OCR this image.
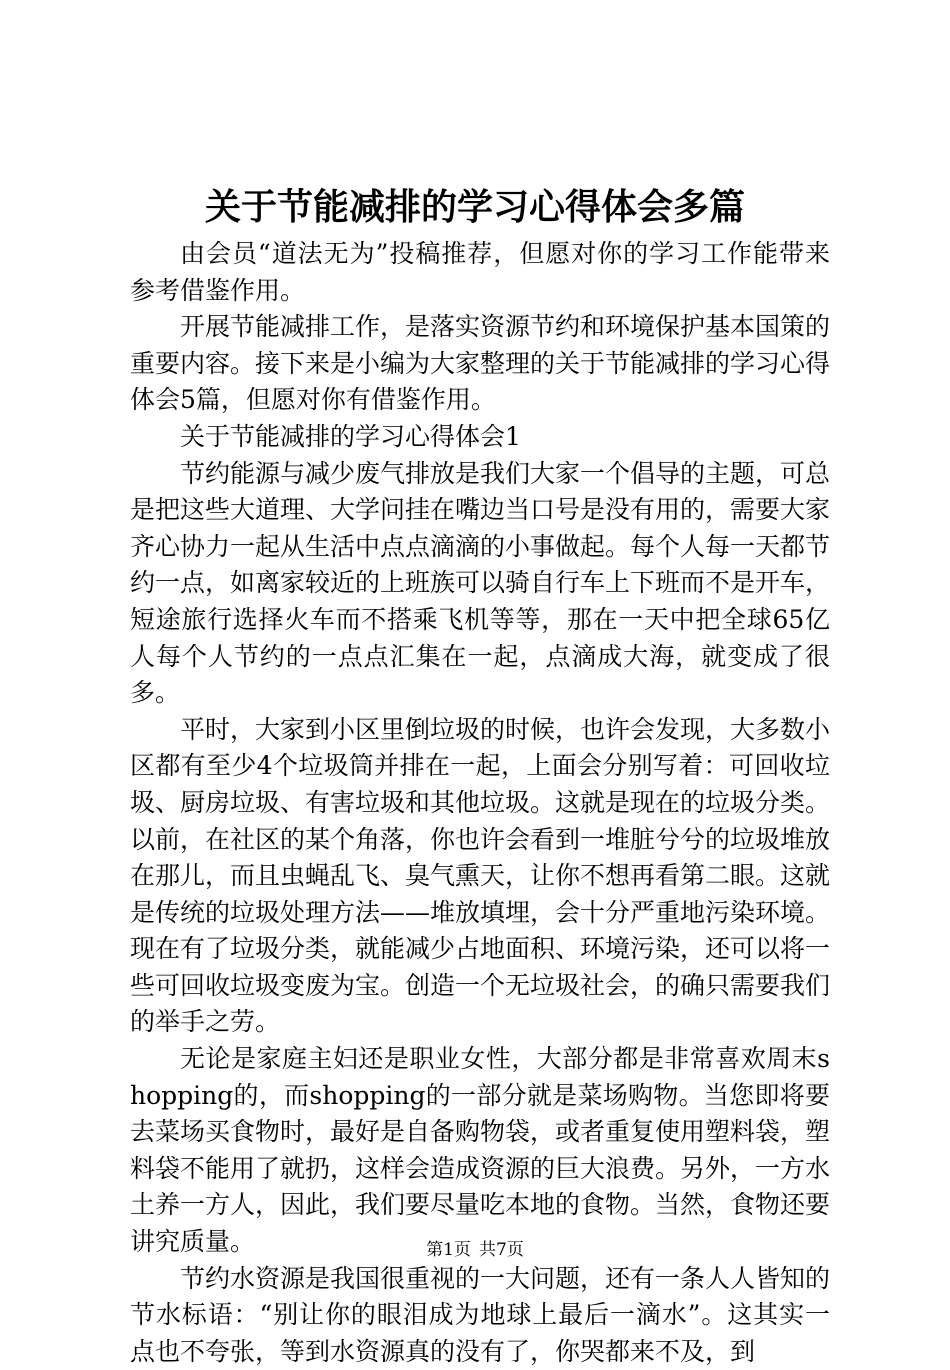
关于节能减排的学习心得体会多篇

由会员“道法无为”投稿推荐，但愿对你的学习工作能带来参考借鉴作用。

开展节能减排工作，是落实资源节约和环境保护基本国策的重要内容。接下来是小编为大家整理的关于节能减排的学习心得体会5篇，但愿对你有借鉴作用。

关于节能减排的学习心得体会1

节约能源与减少废气排放是我们大家一个倡导的主题，可总是把这些大道理、大学问挂在嘴边当口号是没有用的，需要大家齐心协力一起从生活中点点滴滴的小事做起。每个人每一天都节约一点，如离家较近的上班族可以骑自行车上下班而不是开车，短途旅行选择火车而不搭乘飞机等等，那在一天中把全球65亿人每个人节约的一点点汇集在一起，点滴成大海，就变成了很多。

平时，大家到小区里倒垃圾的时候，也许会发现，大多数小区都有至少4个垃圾筒并排在一起，上面会分别写着：可回收垃圾、厨房垃圾、有害垃圾和其他垃圾。这就是现在的垃圾分类。以前，在社区的某个角落，你也许会看到一堆脏兮兮的垃圾堆放在那儿，而且虫蝇乱飞、臭气熏天，让你不想再看第二眼。这就是传统的垃圾处理方法——堆放填埋，会十分严重地污染环境。现在有了垃圾分类，就能减少占地面积、环境污染，还可以将一些可回收垃圾变废为宝。创造一个无垃圾社会，的确只需要我们的举手之劳。

无论是家庭主妇还是职业女性，大部分都是非常喜欢周末shopping的，而shopping的一部分就是菜场购物。当您即将要去菜场买食物时，最好是自备购物袋，或者重复使用塑料袋，塑料袋不能用了就扔，这样会造成资源的巨大浪费。另外，一方水土养一方人，因此，我们要尽量吃本地的食物。当然，食物还要讲究质量。

节约水资源是我国很重视的一大问题，还有一条人人皆知的节水标语：“别让你的眼泪成为地球上最后一滴水”。这其实一点也不夸张，等到水资源真的没有了，你哭都来不及，到

第1页 共7页
